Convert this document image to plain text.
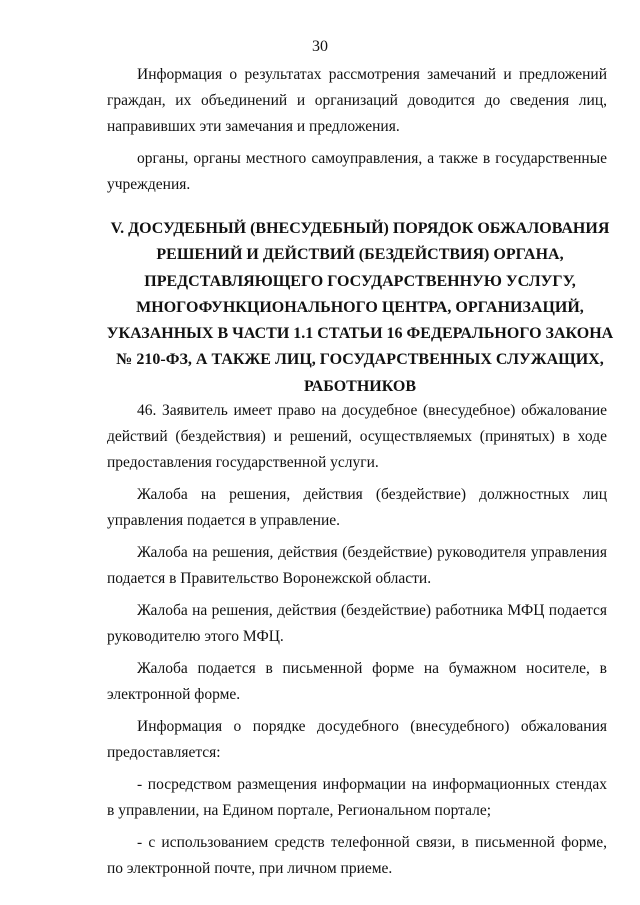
30

Информация о результатах рассмотрения замечаний и предложений граждан, их объединений и организаций доводится до сведения лиц, направивших эти замечания и предложения.

органы, органы местного самоуправления, а также в государственные учреждения.

V. ДОСУДЕБНЫЙ (ВНЕСУДЕБНЫЙ) ПОРЯДОК ОБЖАЛОВАНИЯ
РЕШЕНИЙ И ДЕЙСТВИЙ (БЕЗДЕЙСТВИЯ) ОРГАНА,
ПРЕДСТАВЛЯЮЩЕГО ГОСУДАРСТВЕННУЮ УСЛУГУ,
МНОГОФУНКЦИОНАЛЬНОГО ЦЕНТРА, ОРГАНИЗАЦИЙ,
УКАЗАННЫХ В ЧАСТИ 1.1 СТАТЬИ 16 ФЕДЕРАЛЬНОГО ЗАКОНА
№ 210-ФЗ, А ТАКЖЕ ЛИЦ, ГОСУДАРСТВЕННЫХ СЛУЖАЩИХ,
РАБОТНИКОВ

46. Заявитель имеет право на досудебное (внесудебное) обжалование действий (бездействия) и решений, осуществляемых (принятых) в ходе предоставления государственной услуги.

Жалоба на решения, действия (бездействие) должностных лиц управления подается в управление.

Жалоба на решения, действия (бездействие) руководителя управления подается в Правительство Воронежской области.

Жалоба на решения, действия (бездействие) работника МФЦ подается руководителю этого МФЦ.

Жалоба подается в письменной форме на бумажном носителе, в электронной форме.

Информация о порядке досудебного (внесудебного) обжалования предоставляется:

- посредством размещения информации на информационных стендах в управлении, на Едином портале, Региональном портале;

- с использованием средств телефонной связи, в письменной форме, по электронной почте, при личном приеме.
